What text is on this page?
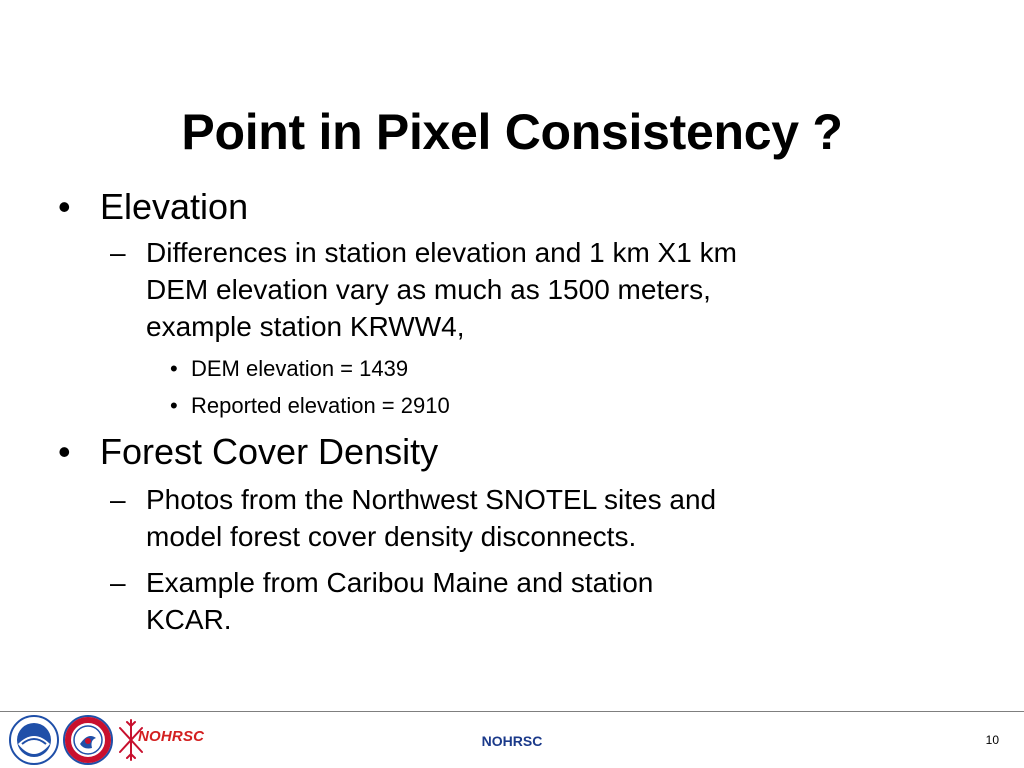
Point in Pixel Consistency ?
• Elevation
– Differences in station elevation and 1 km X1 km
DEM elevation vary as much as 1500 meters,
example station KRWW4,
• DEM elevation = 1439
• Reported elevation = 2910
• Forest Cover Density
– Photos from the Northwest SNOTEL sites and
model forest cover density disconnects.
– Example from Caribou Maine and station
KCAR.
NOHRSC	NOHRSC	10
